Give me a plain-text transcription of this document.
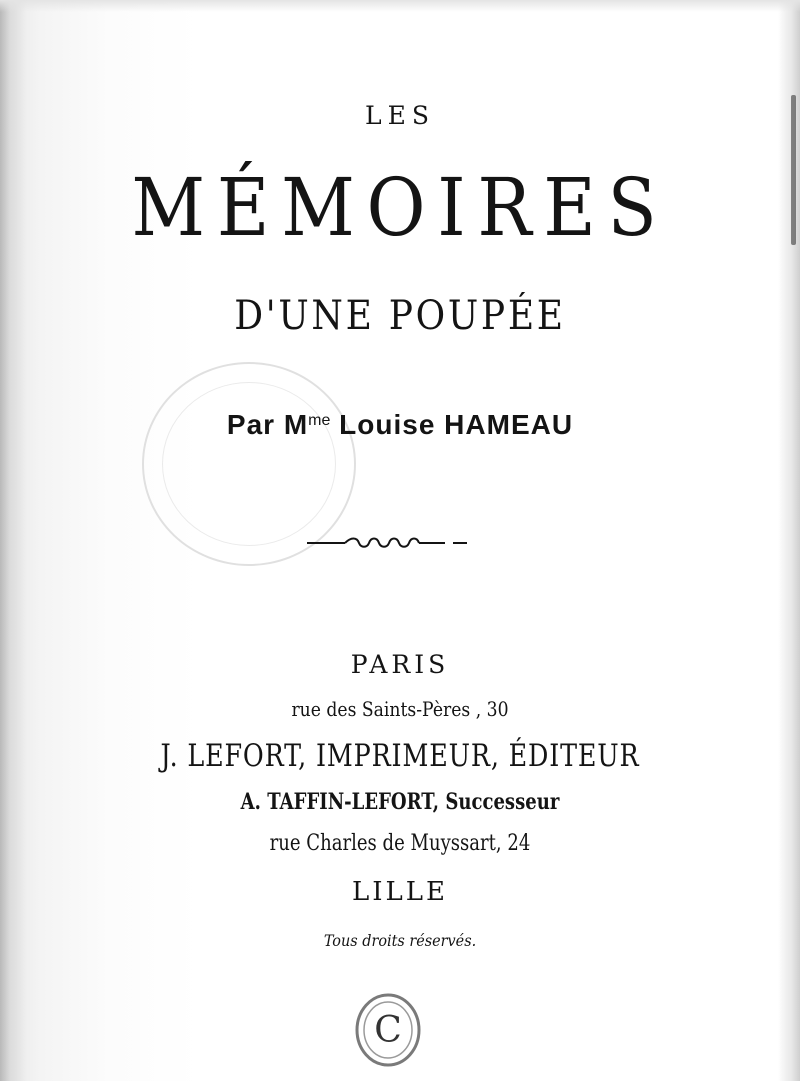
LES

MÉMOIRES
D'UNE POUPÉE

Par $M^{me}$ Louise HAMEAU

PARIS

rue des Saints-Pères , 30

J. LEFORT, IMPRIMEUR, ÉDITEUR

A. TAFFIN-LEFORT, Successeur

rue Charles de Muyssart, 24

LILLE

Tous droits réservés.

C
